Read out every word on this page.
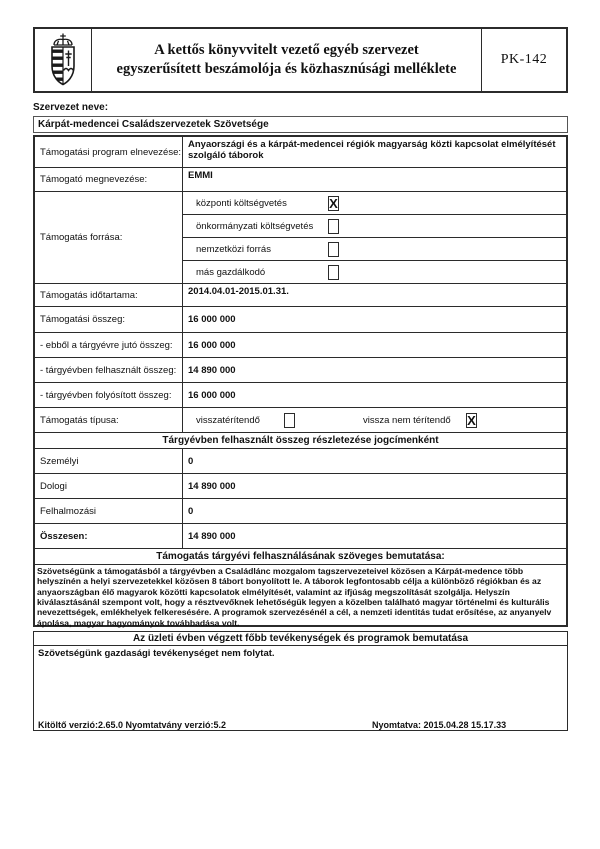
A kettős könyvvitelt vezető egyéb szervezet
egyszerűsített beszámolója és közhasznúsági melléklete
PK-142
Szervezet neve:
Kárpát-medencei Családszervezetek Szövetsége
Támogatási program elnevezése:
Anyaországi és a kárpát-medencei régiók magyarság közti kapcsolat elmélyítését szolgáló táborok
Támogató megnevezése:	EMMI
Támogatás forrása:
központi költségvetés	X
önkormányzati költségvetés
nemzetközi forrás
más gazdálkodó
Támogatás időtartama:	2014.04.01-2015.01.31.
Támogatási összeg:	16 000 000
- ebből a tárgyévre jutó összeg:	16 000 000
- tárgyévben felhasznált összeg:	14 890 000
- tárgyévben folyósított összeg:	16 000 000
Támogatás típusa:	visszatérítendő	vissza nem térítendő	X
Tárgyévben felhasznált összeg részletezése jogcímenként
Személyi	0
Dologi	14 890 000
Felhalmozási	0
Összesen:	14 890 000
Támogatás tárgyévi felhasználásának szöveges bemutatása:
Szövetségünk a támogatásból a tárgyévben a Családlánc mozgalom tagszervezeteivel közösen a Kárpát-medence több helyszínén a helyi szervezetekkel közösen 8 tábort bonyolított le. A táborok legfontosabb célja a különböző régiókban és az anyaországban élő magyarok közötti kapcsolatok elmélyítését, valamint az ifjúság megszolítását szolgálja. Helyszín kiválasztásánál szempont volt, hogy a résztvevőknek lehetőségük legyen a közelben található magyar történelmi és kulturális nevezettségek, emlékhelyek felkeresésére. A programok szervezésénél a cél, a nemzeti identitás tudat erősítése, az anyanyelv ápolása, magyar hagyományok továbbadása volt.
Az üzleti évben végzett főbb tevékenységek és programok bemutatása
Szövetségünk gazdasági tevékenységet nem folytat.
Kitöltő verzió:2.65.0 Nyomtatvány verzió:5.2	Nyomtatva: 2015.04.28 15.17.33
